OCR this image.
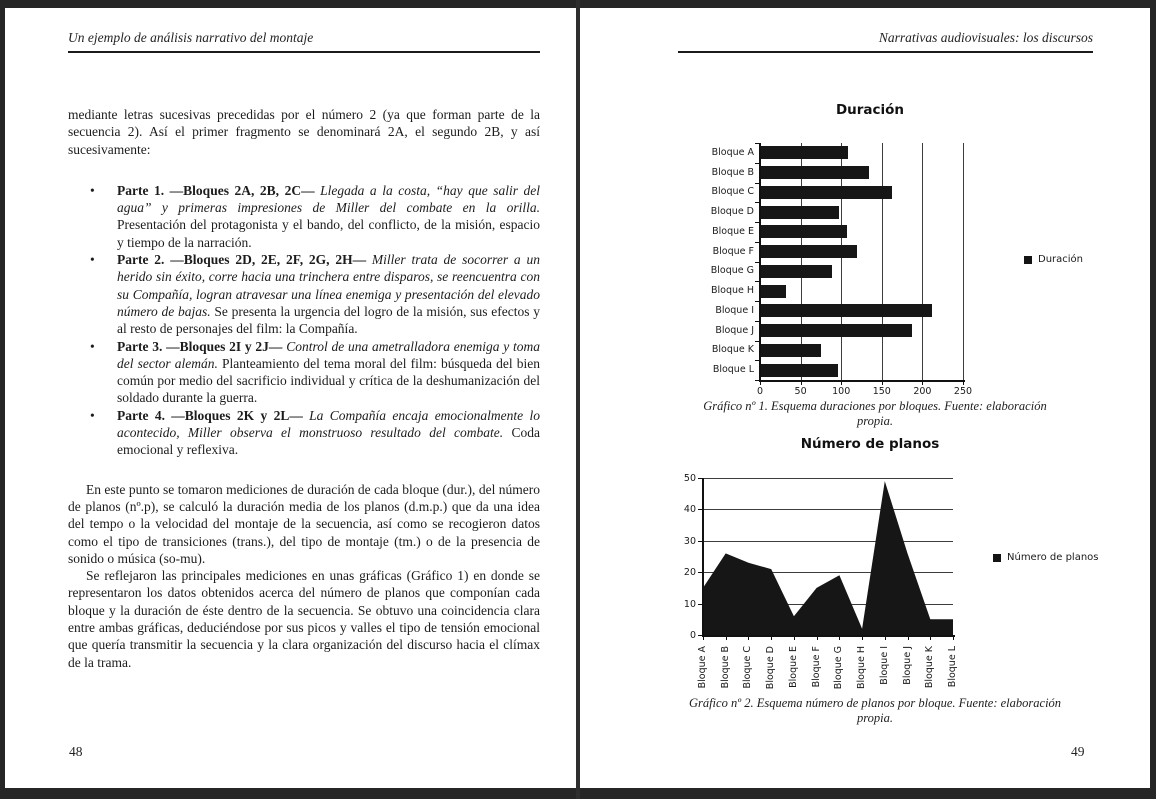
Un ejemplo de análisis narrativo del montaje

mediante letras sucesivas precedidas por el número 2 (ya que forman parte de la secuencia 2). Así el primer fragmento se denominará 2A, el segundo 2B, y así sucesivamente:

• Parte 1. —Bloques 2A, 2B, 2C— Llegada a la costa, “hay que salir del agua” y primeras impresiones de Miller del combate en la orilla. Presentación del protagonista y el bando, del conflicto, de la misión, espacio y tiempo de la narración.
• Parte 2. —Bloques 2D, 2E, 2F, 2G, 2H— Miller trata de socorrer a un herido sin éxito, corre hacia una trinchera entre disparos, se reencuentra con su Compañía, logran atravesar una línea enemiga y presentación del elevado número de bajas. Se presenta la urgencia del logro de la misión, sus efectos y al resto de personajes del film: la Compañía.
• Parte 3. —Bloques 2I y 2J— Control de una ametralladora enemiga y toma del sector alemán. Planteamiento del tema moral del film: búsqueda del bien común por medio del sacrificio individual y crítica de la deshumanización del soldado durante la guerra.
• Parte 4. —Bloques 2K y 2L— La Compañía encaja emocionalmente lo acontecido, Miller observa el monstruoso resultado del combate. Coda emocional y reflexiva.

En este punto se tomaron mediciones de duración de cada bloque (dur.), del número de planos (nº.p), se calculó la duración media de los planos (d.m.p.) que da una idea del tempo o la velocidad del montaje de la secuencia, así como se recogieron datos como el tipo de transiciones (trans.), del tipo de montaje (tm.) o de la presencia de sonido o música (so-mu).

Se reflejaron las principales mediciones en unas gráficas (Gráfico 1) en donde se representaron los datos obtenidos acerca del número de planos que componían cada bloque y la duración de éste dentro de la secuencia. Se obtuvo una coincidencia clara entre ambas gráficas, deduciéndose por sus picos y valles el tipo de tensión emocional que quería transmitir la secuencia y la clara organización del discurso hacia el clímax de la trama.

48
Narrativas audiovisuales: los discursos
Duración
Duración
Gráfico nº 1. Esquema duraciones por bloques. Fuente: elaboración propia.
Número de planos
Número de planos
Gráfico nº 2. Esquema número de planos por bloque. Fuente: elaboración propia.
49
0	50	100	150	200	250
Bloque A
Bloque B
Bloque C
Bloque D
Bloque E
Bloque F
Bloque G
Bloque H
Bloque I
Bloque J
Bloque K
Bloque L
0
10
20
30
40
50
Bloque A Bloque B Bloque C Bloque D Bloque E Bloque F Bloque G Bloque H Bloque I Bloque J Bloque K Bloque L
